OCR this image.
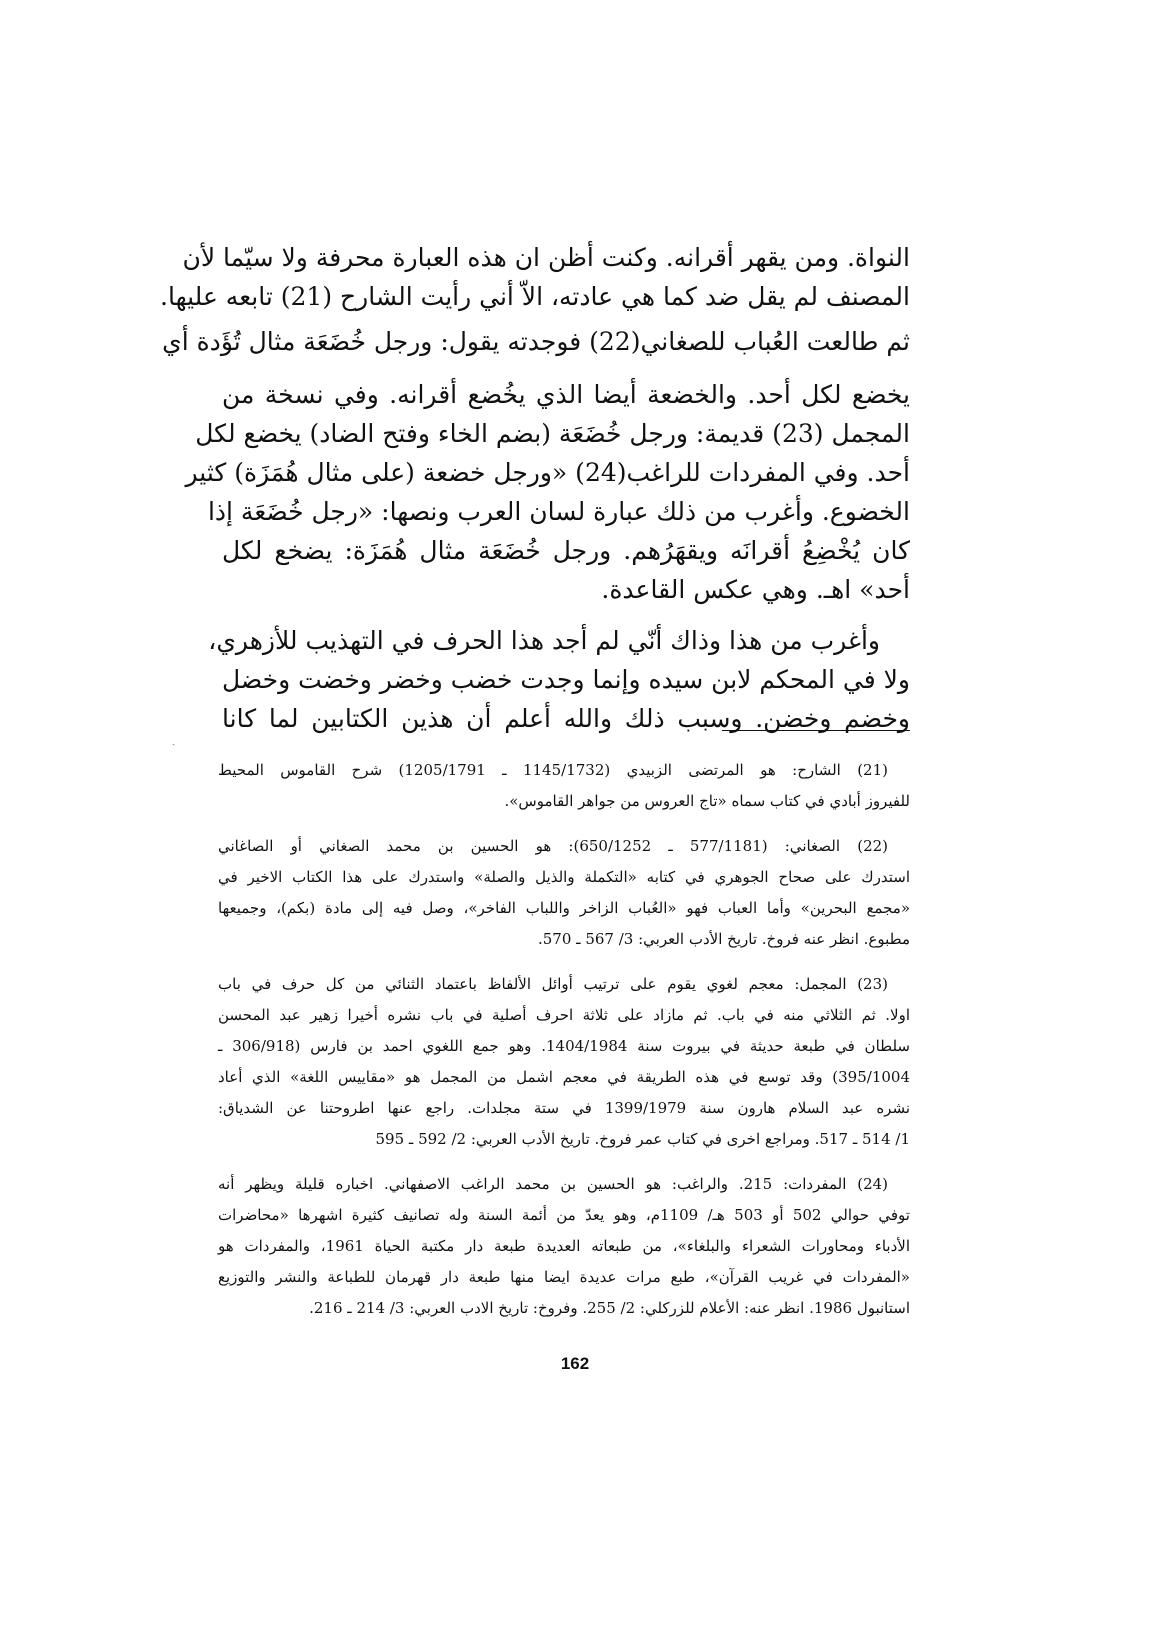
النواة. ومن يقهر أقرانه. وكنت أظن ان هذه العبارة محرفة ولا سيّما لأن
المصنف لم يقل ضد كما هي عادته، الاّ أني رأيت الشارح (21) تابعه عليها.
ثم طالعت العُباب للصغاني(22) فوجدته يقول: ورجل خُضَعَة مثال تُؤَدة أي
يخضع لكل أحد. والخضعة أيضا الذي يخُضع أقرانه. وفي نسخة من
المجمل (23) قديمة: ورجل خُضَعَة (بضم الخاء وفتح الضاد) يخضع لكل
أحد. وفي المفردات للراغب(24) «ورجل خضعة (على مثال هُمَزَة) كثير
الخضوع. وأغرب من ذلك عبارة لسان العرب ونصها: «رجل خُضَعَة إذا
كان يُخْضِعُ أقرانَه ويقهَرُهم. ورجل خُضَعَة مثال هُمَزَة: يضخع لكل
أحد» اهـ. وهي عكس القاعدة.
وأغرب من هذا وذاك أنّي لم أجد هذا الحرف في التهذيب للأزهري،
ولا في المحكم لابن سيده وإنما وجدت خضب وخضر وخضت وخضل
وخضم وخضن. وسبب ذلك والله أعلم أن هذين الكتابين لما كانا
ˎ
(21) الشارح: هو المرتضى الزبيدي (1145/1732 ـ 1205/1791) شرح القاموس المحيط
للفيروز أبادي في كتاب سماه «تاج العروس من جواهر القاموس».
(22) الصغاني: (577/1181 ـ 650/1252): هو الحسين بن محمد الصغاني أو الصاغاني
استدرك على صحاح الجوهري في كتابه «التكملة والذيل والصلة» واستدرك على هذا الكتاب الاخير في
«مجمع البحرين» وأما العباب فهو «العُباب الزاخر واللباب الفاخر»، وصل فيه إلى مادة (بكم)، وجميعها
مطبوع. انظر عنه فروخ. تاريخ الأدب العربي: 3/ 567 ـ 570.
(23) المجمل: معجم لغوي يقوم على ترتيب أوائل الألفاظ باعتماد الثنائي من كل حرف في باب
اولا. ثم الثلاثي منه في باب. ثم مازاد على ثلاثة احرف أصلية في باب نشره أخيرا زهير عبد المحسن
سلطان في طبعة حديثة في بيروت سنة 1404/1984. وهو جمع اللغوي احمد بن فارس (306/918 ـ
395/1004) وقد توسع في هذه الطريقة في معجم اشمل من المجمل هو «مقاييس اللغة» الذي أعاد
نشره عبد السلام هارون سنة 1399/1979 في ستة مجلدات. راجع عنها اطروحتنا عن الشدياق:
1/ 514 ـ 517. ومراجع اخرى في كتاب عمر فروخ. تاريخ الأدب العربي: 2/ 592 ـ 595
(24) المفردات: 215. والراغب: هو الحسين بن محمد الراغب الاصفهاني. اخباره قليلة ويظهر أنه
توفي حوالي 502 أو 503 هـ/ 1109م، وهو يعدّ من أئمة السنة وله تصانيف كثيرة اشهرها «محاضرات
الأدباء ومحاورات الشعراء والبلغاء»، من طبعاته العديدة طبعة دار مكتبة الحياة 1961، والمفردات هو
«المفردات في غريب القرآن»، طبع مرات عديدة ايضا منها طبعة دار قهرمان للطباعة والنشر والتوزيع
استانبول 1986. انظر عنه: الأعلام للزركلي: 2/ 255. وفروخ: تاريخ الادب العربي: 3/ 214 ـ 216.
162
